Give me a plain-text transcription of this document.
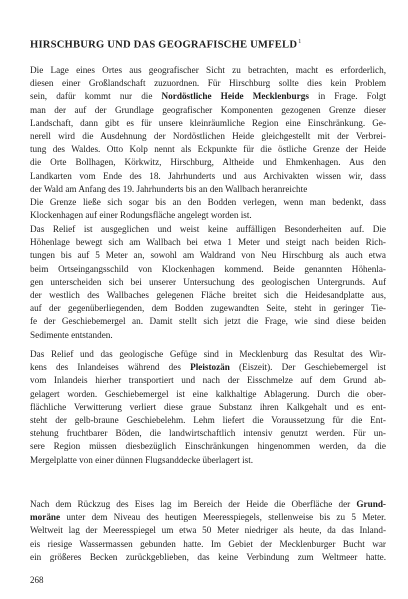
HIRSCHBURG UND DAS GEOGRAFISCHE UMFELD$^1$

Die Lage eines Ortes aus geografischer Sicht zu betrachten, macht es erforderlich,
diesen einer Großlandschaft zuzuordnen. Für Hirschburg sollte dies kein Problem
sein, dafür kommt nur die Nordöstliche Heide Mecklenburgs in Frage. Folgt
man der auf der Grundlage geografischer Komponenten gezogenen Grenze dieser
Landschaft, dann gibt es für unsere kleinräumliche Region eine Einschränkung. Ge-
nerell wird die Ausdehnung der Nordöstlichen Heide gleichgestellt mit der Verbrei-
tung des Waldes. Otto Kolp nennt als Eckpunkte für die östliche Grenze der Heide
die Orte Bollhagen, Körkwitz, Hirschburg, Altheide und Ehmkenhagen. Aus den
Landkarten vom Ende des 18. Jahrhunderts und aus Archivakten wissen wir, dass
der Wald am Anfang des 19. Jahrhunderts bis an den Wallbach heranreichte
Die Grenze ließe sich sogar bis an den Bodden verlegen, wenn man bedenkt, dass
Klockenhagen auf einer Rodungsfläche angelegt worden ist.

Das Relief ist ausgeglichen und weist keine auffälligen Besonderheiten auf. Die
Höhenlage bewegt sich am Wallbach bei etwa 1 Meter und steigt nach beiden Rich-
tungen bis auf 5 Meter an, sowohl am Waldrand von Neu Hirschburg als auch etwa
beim Ortseingangsschild von Klockenhagen kommend. Beide genannten Höhenla-
gen unterscheiden sich bei unserer Untersuchung des geologischen Untergrunds. Auf
der westlich des Wallbaches gelegenen Fläche breitet sich die Heidesandplatte aus,
auf der gegenüberliegenden, dem Bodden zugewandten Seite, steht in geringer Tie-
fe der Geschiebemergel an. Damit stellt sich jetzt die Frage, wie sind diese beiden
Sedimente entstanden.

Das Relief und das geologische Gefüge sind in Mecklenburg das Resultat des Wir-
kens des Inlandeises während des Pleistozän (Eiszeit). Der Geschiebemergel ist
vom Inlandeis hierher transportiert und nach der Eisschmelze auf dem Grund ab-
gelagert worden. Geschiebemergel ist eine kalkhaltige Ablagerung. Durch die ober-
flächliche Verwitterung verliert diese graue Substanz ihren Kalkgehalt und es ent-
steht der gelb-braune Geschiebelehm. Lehm liefert die Voraussetzung für die Ent-
stehung fruchtbarer Böden, die landwirtschaftlich intensiv genutzt werden. Für un-
sere Region müssen diesbezüglich Einschränkungen hingenommen werden, da die
Mergelplatte von einer dünnen Flugsanddecke überlagert ist.

Nach dem Rückzug des Eises lag im Bereich der Heide die Oberfläche der Grund-
moräne unter dem Niveau des heutigen Meeresspiegels, stellenweise bis zu 5 Meter.
Weltweit lag der Meeresspiegel um etwa 50 Meter niedriger als heute, da das Inland-
eis riesige Wassermassen gebunden hatte. Im Gebiet der Mecklenburger Bucht war
ein größeres Becken zurückgeblieben, das keine Verbindung zum Weltmeer hatte.

268
